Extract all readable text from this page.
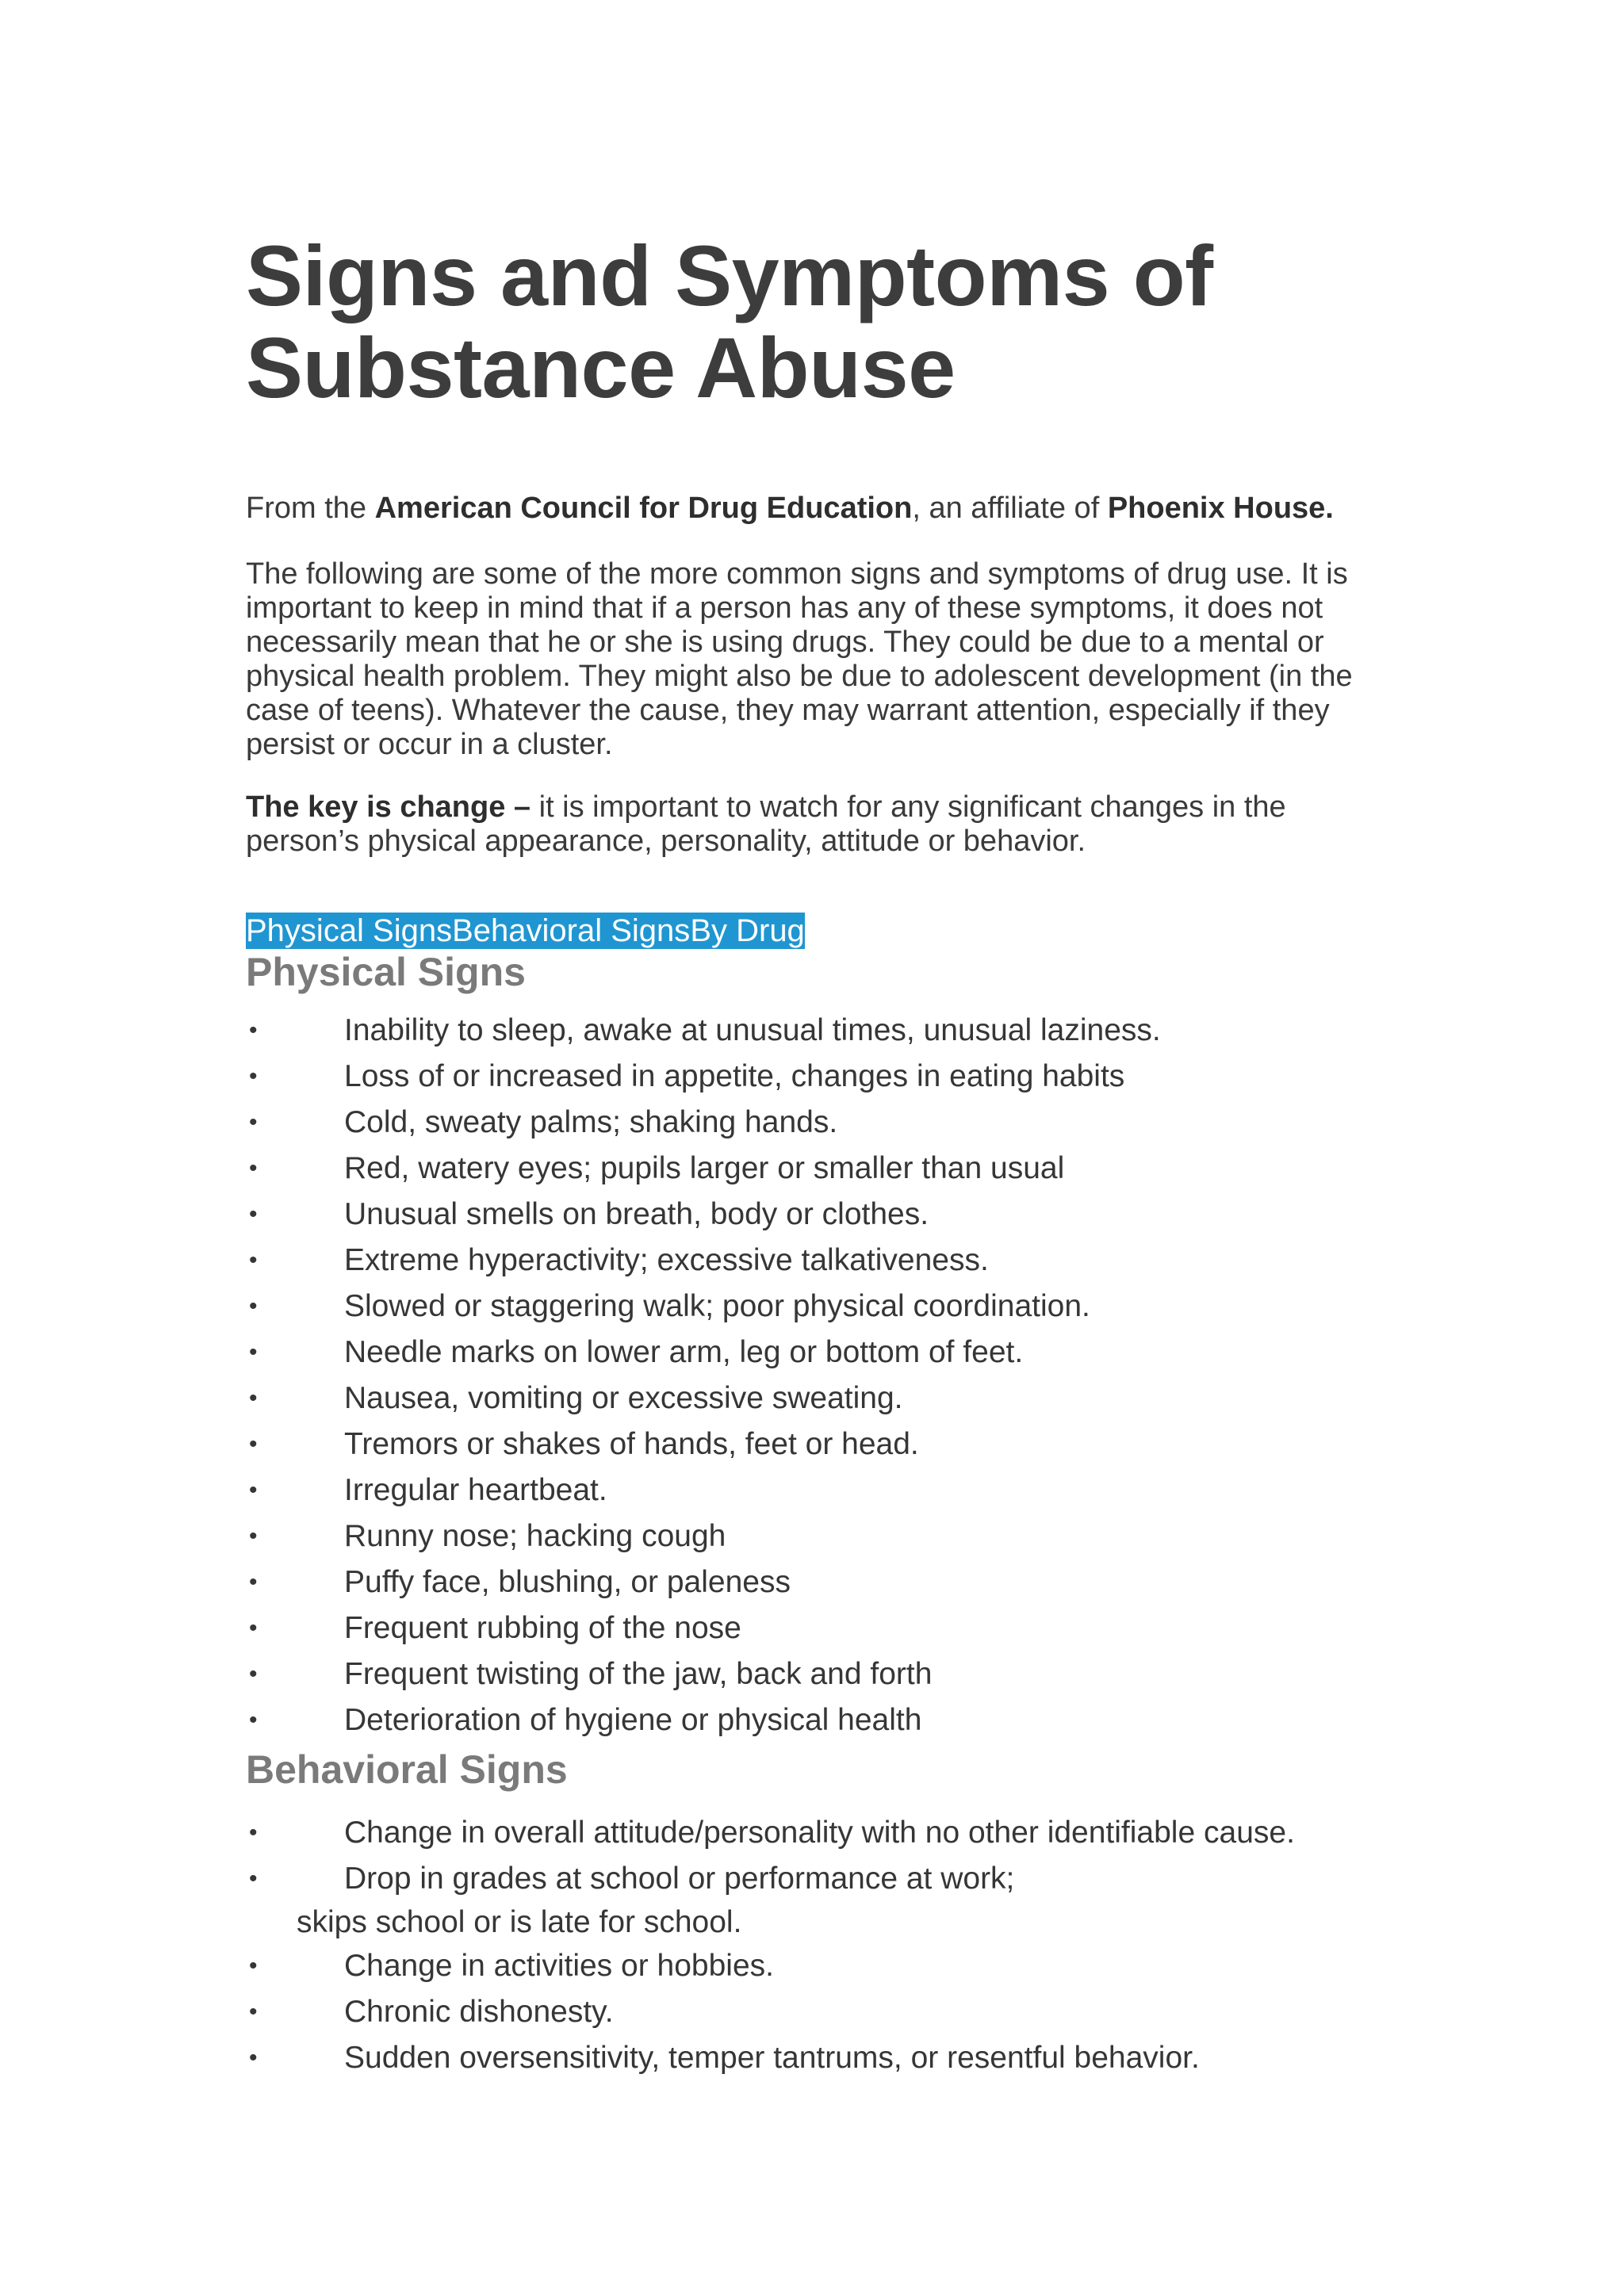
Signs and Symptoms of Substance Abuse

From the American Council for Drug Education, an affiliate of Phoenix House.

The following are some of the more common signs and symptoms of drug use. It is important to keep in mind that if a person has any of these symptoms, it does not necessarily mean that he or she is using drugs. They could be due to a mental or physical health problem. They might also be due to adolescent development (in the case of teens). Whatever the cause, they may warrant attention, especially if they persist or occur in a cluster.

The key is change – it is important to watch for any significant changes in the person’s physical appearance, personality, attitude or behavior.

Physical Signs Behavioral Signs By Drug
Physical Signs
•	Inability to sleep, awake at unusual times, unusual laziness.
•	Loss of or increased in appetite, changes in eating habits
•	Cold, sweaty palms; shaking hands.
•	Red, watery eyes; pupils larger or smaller than usual
•	Unusual smells on breath, body or clothes.
•	Extreme hyperactivity; excessive talkativeness.
•	Slowed or staggering walk; poor physical coordination.
•	Needle marks on lower arm, leg or bottom of feet.
•	Nausea, vomiting or excessive sweating.
•	Tremors or shakes of hands, feet or head.
•	Irregular heartbeat.
•	Runny nose; hacking cough
•	Puffy face, blushing, or paleness
•	Frequent rubbing of the nose
•	Frequent twisting of the jaw, back and forth
•	Deterioration of hygiene or physical health
Behavioral Signs
•	Change in overall attitude/personality with no other identifiable cause.
•	Drop in grades at school or performance at work;
skips school or is late for school.
•	Change in activities or hobbies.
•	Chronic dishonesty.
•	Sudden oversensitivity, temper tantrums, or resentful behavior.
